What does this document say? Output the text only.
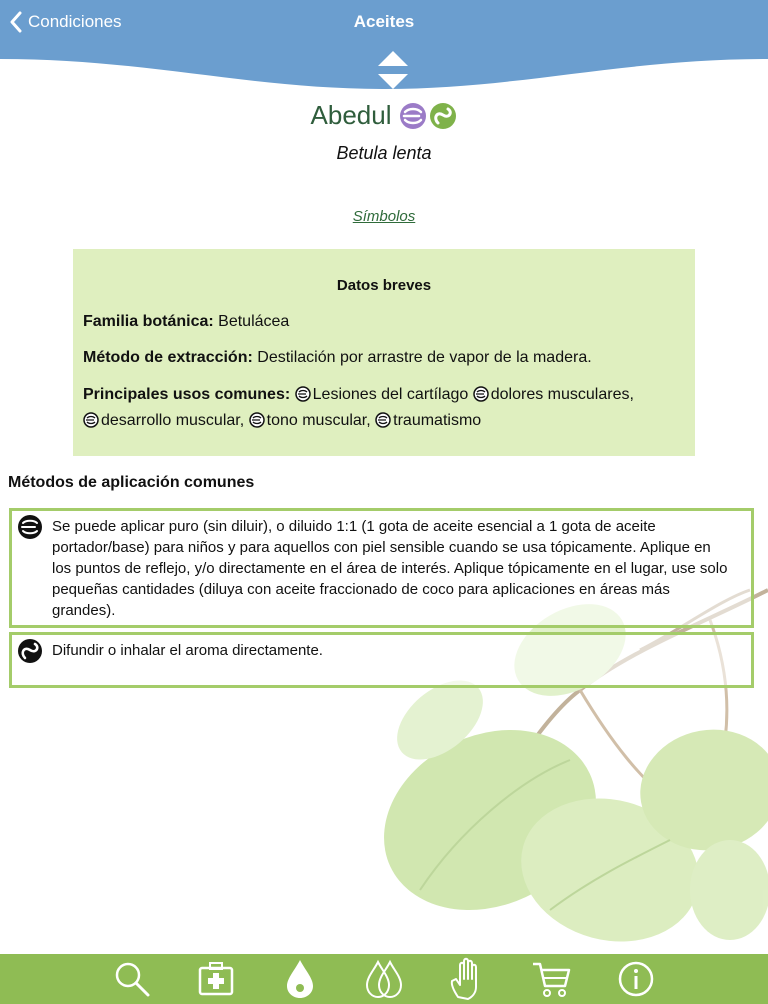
Condiciones	Aceites
Abedul
Betula lenta
Símbolos
Datos breves
Familia botánica: Betulácea
Método de extracción: Destilación por arrastre de vapor de la madera.
Principales usos comunes: Lesiones del cartílago dolores musculares,
desarrollo muscular, tono muscular, traumatismo
Métodos de aplicación comunes
Se puede aplicar puro (sin diluir), o diluido 1:1 (1 gota de aceite esencial a 1 gota de aceite portador/base) para niños y para aquellos con piel sensible cuando se usa tópicamente. Aplique en los puntos de reflejo, y/o directamente en el área de interés. Aplique tópicamente en el lugar, use solo pequeñas cantidades (diluya con aceite fraccionado de coco para aplicaciones en áreas más grandes).
Difundir o inhalar el aroma directamente.
